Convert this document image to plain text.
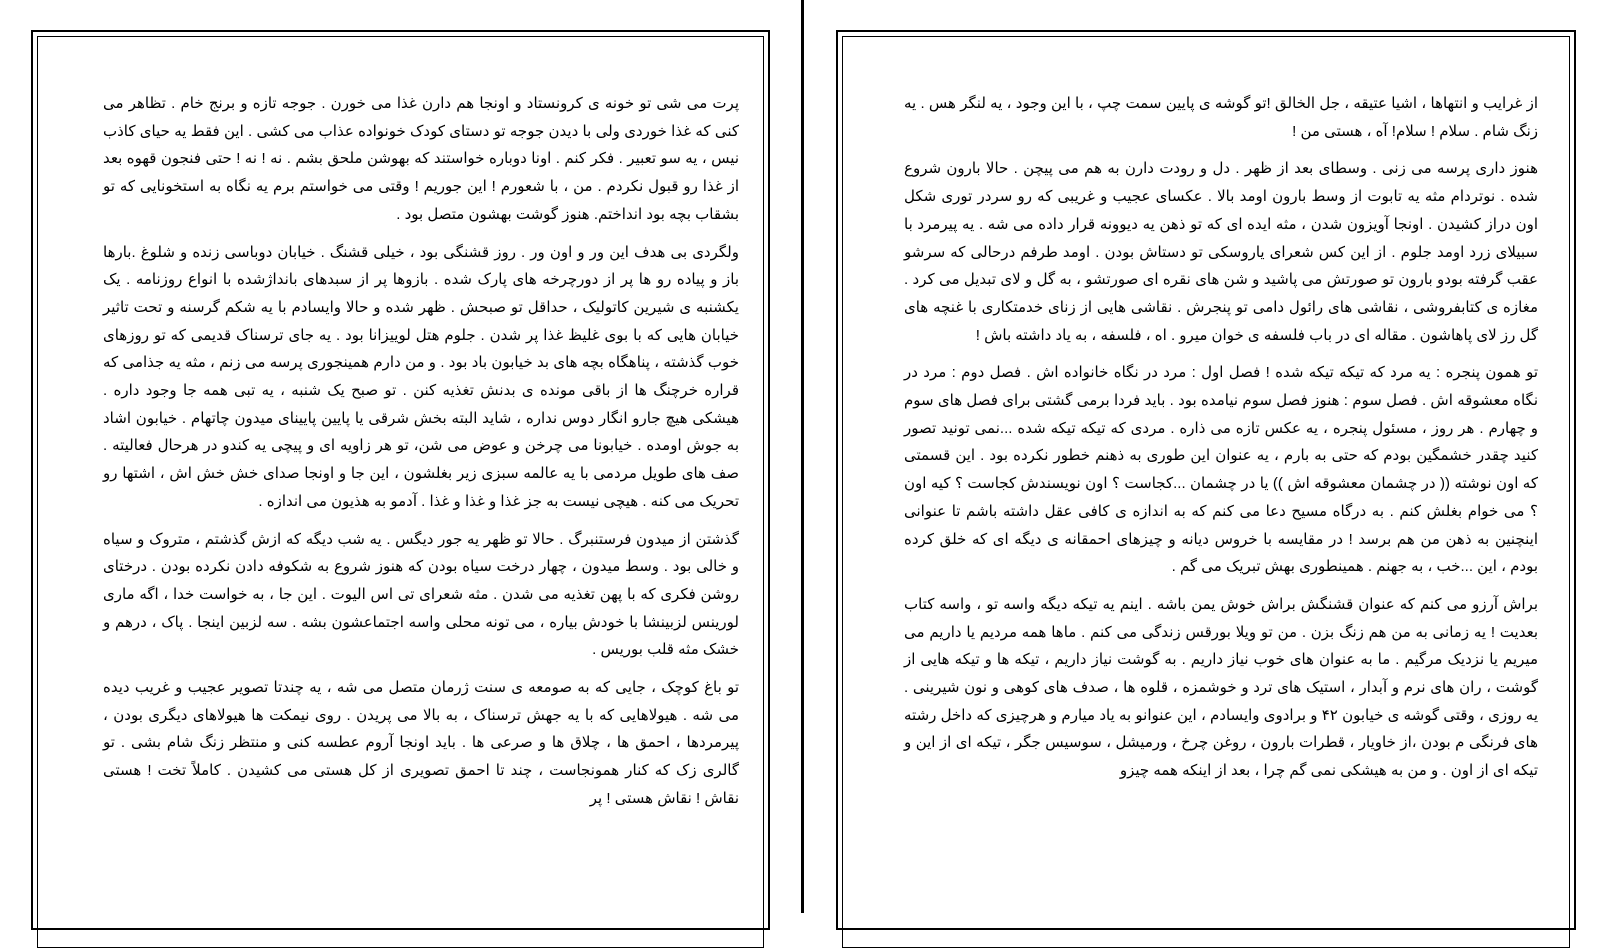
پرت می شی تو خونه ی کرونستاد و اونجا هم دارن غذا می خورن . جوجه تازه و برنج خام . تظاهر می کنی که غذا خوردی ولی با دیدن جوجه تو دستای کودک خونواده عذاب می کشی . این فقط یه حیای کاذب نیس ، یه سو تعبیر . فکر کنم . اونا دوباره خواستند که بهوشن ملحق بشم . نه ! نه ! حتی فنجون قهوه بعد از غذا رو قبول نکردم . من ، با شعورم ! این جوریم ! وقتی می خواستم برم یه نگاه به استخونایی که تو بشقاب بچه بود انداختم. هنوز گوشت بهشون متصل بود .

ولگردی بی هدف این ور و اون ور . روز قشنگی بود ، خیلی قشنگ . خیابان دوباسی زنده و شلوغ .بارها باز و پیاده رو ها پر از دورچرخه های پارک شده . بازوها پر از سبدهای بانداژشده با انواع روزنامه . یک یکشنبه ی شیرین کاتولیک ، حداقل تو صبحش . ظهر شده و حالا وایسادم با یه شکم گرسنه و تحت تاثیر خیابان هایی که با بوی غلیظ غذا پر شدن . جلوم هتل لوییزانا بود . یه جای ترسناک قدیمی که تو روزهای خوب گذشته ، پناهگاه بچه های بد خیابون باد بود . و من دارم همینجوری پرسه می زنم ، مثه یه جذامی که قراره خرچنگ ها از باقی مونده ی بدنش تغذیه کنن . تو صبح یک شنبه ، یه تبی همه جا وجود داره . هیشکی هیچ جارو انگار دوس نداره ، شاید البته بخش شرقی یا پایین پایینای میدون چاتهام . خیابون اشاد به جوش اومده . خیابونا می چرخن و عوض می شن، تو هر زاویه ای و پیچی یه کندو در هرحال فعالیته . صف های طویل مردمی با یه عالمه سبزی زیر بغلشون ، این جا و اونجا صدای خش خش اش ، اشتها رو تحریک می کنه . هیچی نیست به جز غذا و غذا و غذا . آدمو به هذیون می اندازه .

گذشتن از میدون فرستنبرگ . حالا تو ظهر یه جور دیگس . یه شب دیگه که ازش گذشتم ، متروک و سیاه و خالی بود . وسط میدون ، چهار درخت سیاه بودن که هنوز شروع به شکوفه دادن نکرده بودن . درختای روشن فکری که با پهن تغذیه می شدن . مثه شعرای تی اس الیوت . این جا ، به خواست خدا ، اگه ماری لورینس لزبینشا با خودش بیاره ، می تونه محلی واسه اجتماعشون بشه . سه لزبین اینجا . پاک ، درهم و خشک مثه قلب بوریس .

تو باغ کوچک ، جایی که به صومعه ی سنت ژرمان متصل می شه ، یه چندتا تصویر عجیب و غریب دیده می شه . هیولاهایی که با یه جهش ترسناک ، به بالا می پریدن . روی نیمکت ها هیولاهای دیگری بودن ، پیرمردها ، احمق ها ، چلاق ها و صرعی ها . باید اونجا آروم عطسه کنی و منتظر زنگ شام بشی . تو گالری زک که کنار همونجاست ، چند تا احمق تصویری از کل هستی می کشیدن . کاملاً تخت ! هستی نقاش ! نقاش هستی ! پر

از غرایب و انتهاها ، اشیا عتیقه ، جل الخالق !تو گوشه ی پایین سمت چپ ، با این وجود ، یه لنگر هس . یه زنگ شام . سلام ! سلام! آه ، هستی من !

هنوز داری پرسه می زنی . وسطای بعد از ظهر . دل و رودت دارن به هم می پیچن . حالا بارون شروع شده . نوتردام مثه یه تابوت از وسط بارون اومد بالا . عکسای عجیب و غریبی که رو سردر توری شکل اون دراز کشیدن . اونجا آویزون شدن ، مثه ایده ای که تو ذهن یه دیوونه قرار داده می شه . یه پیرمرد با سبیلای زرد اومد جلوم . از این کس شعرای یاروسکی تو دستاش بودن . اومد طرفم درحالی که سرشو عقب گرفته بودو بارون تو صورتش می پاشید و شن های نقره ای صورتشو ، به گل و لای تبدیل می کرد . مغازه ی کتابفروشی ، نقاشی های رائول دامی تو پنجرش . نقاشی هایی از زنای خدمتکاری با غنچه های گل رز لای پاهاشون . مقاله ای در باب فلسفه ی خوان میرو . اه ، فلسفه ، به یاد داشته باش !

تو همون پنجره : یه مرد که تیکه تیکه شده ! فصل اول : مرد در نگاه خانواده اش . فصل دوم : مرد در نگاه معشوقه اش . فصل سوم : هنوز فصل سوم نیامده بود . باید فردا برمی گشتی برای فصل های سوم و چهارم . هر روز ، مسئول پنجره ، یه عکس تازه می ذاره . مردی که تیکه تیکه شده ...نمی تونید تصور کنید چقدر خشمگین بودم که حتی به بارم ، یه عنوان این طوری به ذهنم خطور نکرده بود . این قسمتی که اون نوشته (( در چشمان معشوقه اش )) یا در چشمان ...کجاست ؟ اون نویسندش کجاست ؟ کیه اون ؟ می خوام بغلش کنم . به درگاه مسیح دعا می کنم که به اندازه ی کافی عقل داشته باشم تا عنوانی اینچنین به ذهن من هم برسد ! در مقایسه با خروس دیانه و چیزهای احمقانه ی دیگه ای که خلق کرده بودم ، این ...خب ، به جهنم . همینطوری بهش تبریک می گم .

براش آرزو می کنم که عنوان قشنگش براش خوش یمن باشه . اینم یه تیکه دیگه واسه تو ، واسه کتاب بعدیت ! یه زمانی به من هم زنگ بزن . من تو ویلا بورقس زندگی می کنم . ماها همه مردیم یا داریم می میریم یا نزدیک مرگیم . ما به عنوان های خوب نیاز داریم . به گوشت نیاز داریم ، تیکه ها و تیکه هایی از گوشت ، ران های نرم و آبدار ، استیک های ترد و خوشمزه ، قلوه ها ، صدف های کوهی و نون شیرینی . یه روزی ، وقتی گوشه ی خیابون ۴۲ و برادوی وایسادم ، این عنوانو به یاد میارم و هرچیزی که داخل رشته های فرنگی م بودن ،از خاویار ، قطرات بارون ، روغن چرخ ، ورمیشل ، سوسیس جگر ، تیکه ای از این و تیکه ای از اون . و من به هیشکی نمی گم چرا ، بعد از اینکه همه چیزو
